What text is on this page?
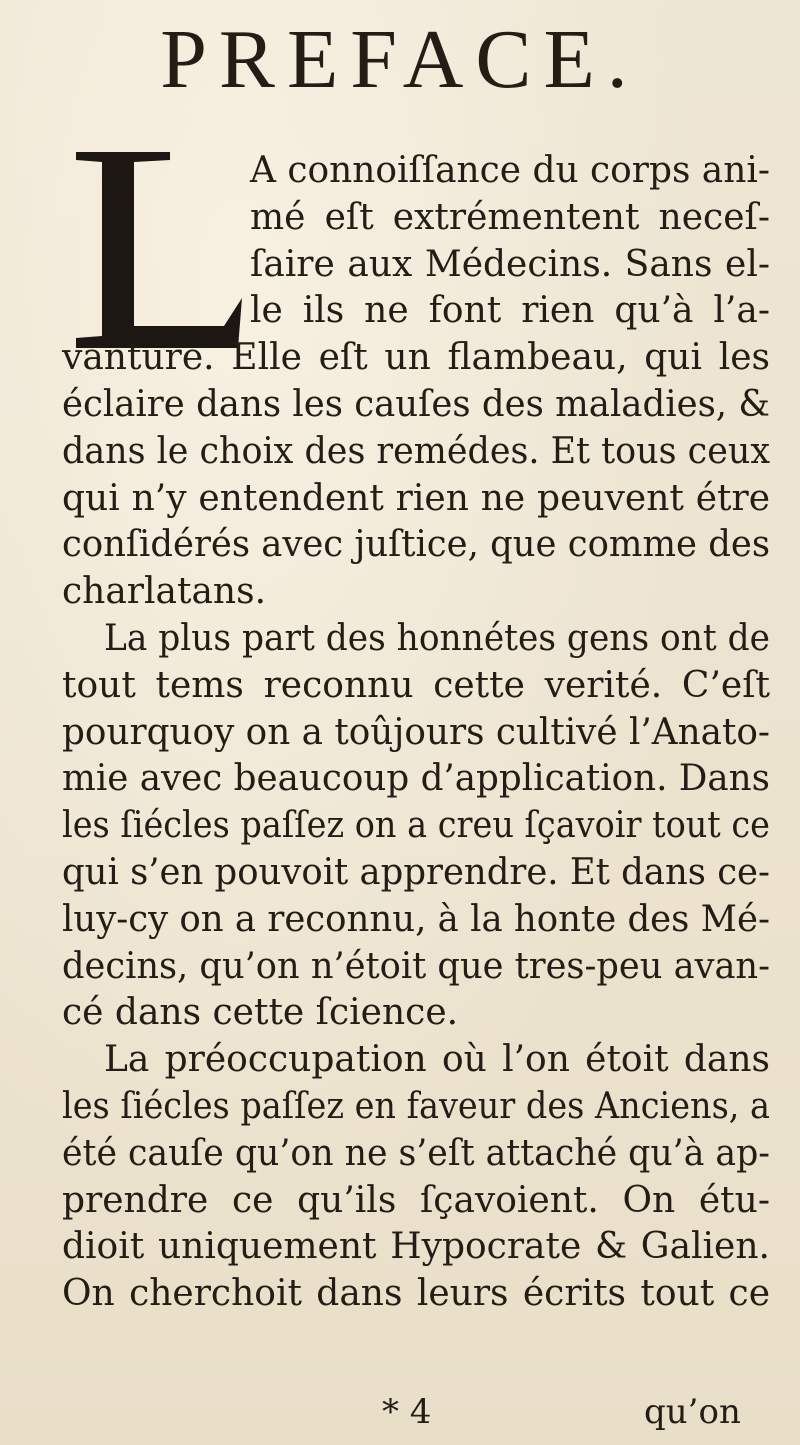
PREFACE.
A connoiſſance du corps ani-
mé eſt extrémentent neceſ-
ſaire aux Médecins. Sans el-
le ils ne font rien qu’à l’a-
vanture. Elle eſt un flambeau, qui les
éclaire dans les cauſes des maladies, &
dans le choix des remédes. Et tous ceux
qui n’y entendent rien ne peuvent étre
conſidérés avec juſtice, que comme des
charlatans.
La plus part des honnétes gens ont de
tout tems reconnu cette verité. C’eſt
pourquoy on a toûjours cultivé l’Anato-
mie avec beaucoup d’application. Dans
les ſiécles paſſez on a creu ſçavoir tout ce
qui s’en pouvoit apprendre. Et dans ce-
luy-cy on a reconnu, à la honte des Mé-
decins, qu’on n’étoit que tres-peu avan-
cé dans cette ſcience.
La préoccupation où l’on étoit dans
les ſiécles paſſez en faveur des Anciens, a
été cauſe qu’on ne s’eſt attaché qu’à ap-
prendre ce qu’ils ſçavoient. On étu-
dioit uniquement Hypocrate & Galien.
On cherchoit dans leurs écrits tout ce
* 4	qu’on
